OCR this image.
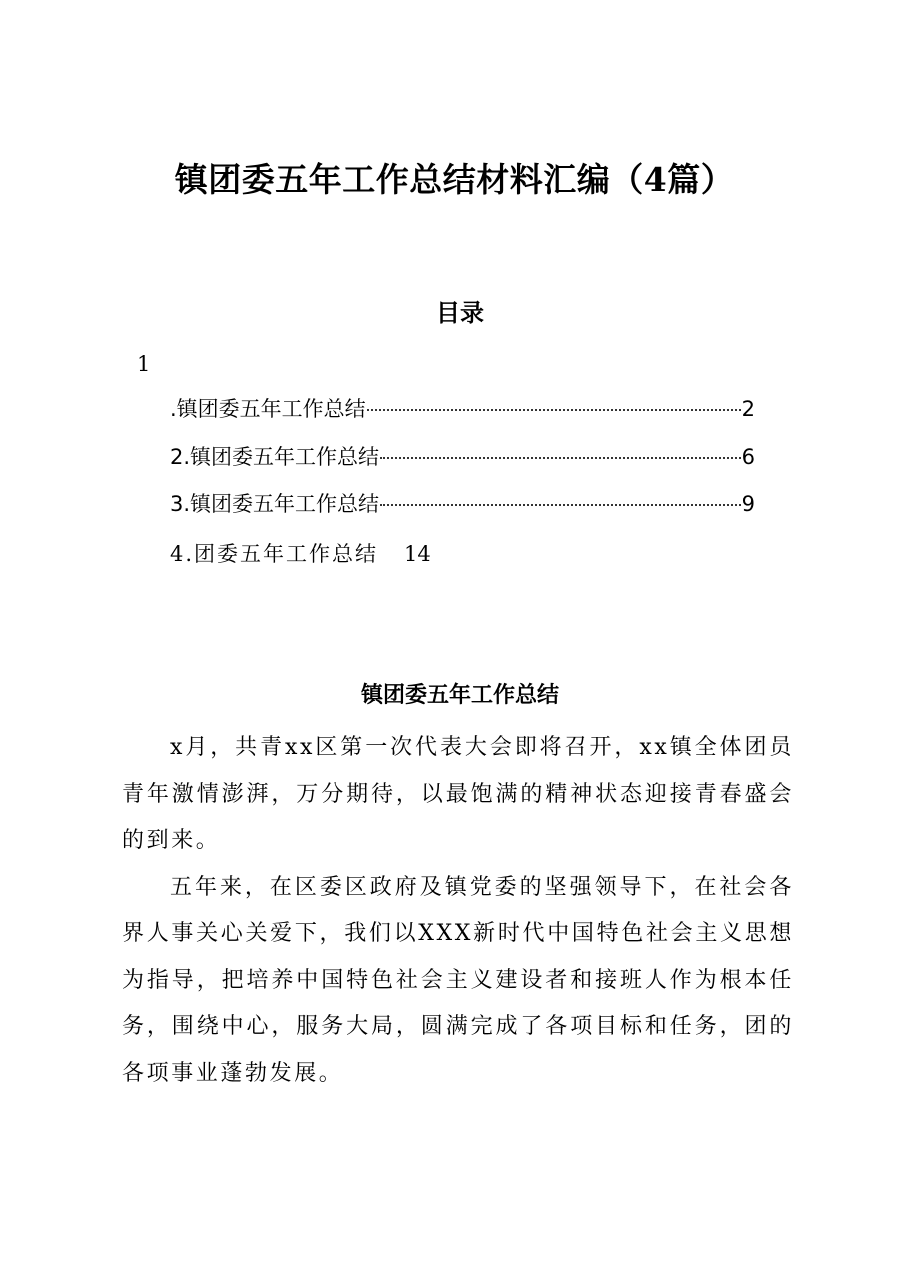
镇团委五年工作总结材料汇编（4篇）
目录
1
.镇团委五年工作总结	2
2.镇团委五年工作总结	6
3.镇团委五年工作总结	9
4.团委五年工作总结 14
镇团委五年工作总结

x月，共青xx区第一次代表大会即将召开，xx镇全体团员青年激情澎湃，万分期待，以最饱满的精神状态迎接青春盛会的到来。

五年来，在区委区政府及镇党委的坚强领导下，在社会各界人事关心关爱下，我们以XXX新时代中国特色社会主义思想为指导，把培养中国特色社会主义建设者和接班人作为根本任务，围绕中心，服务大局，圆满完成了各项目标和任务，团的各项事业蓬勃发展。
